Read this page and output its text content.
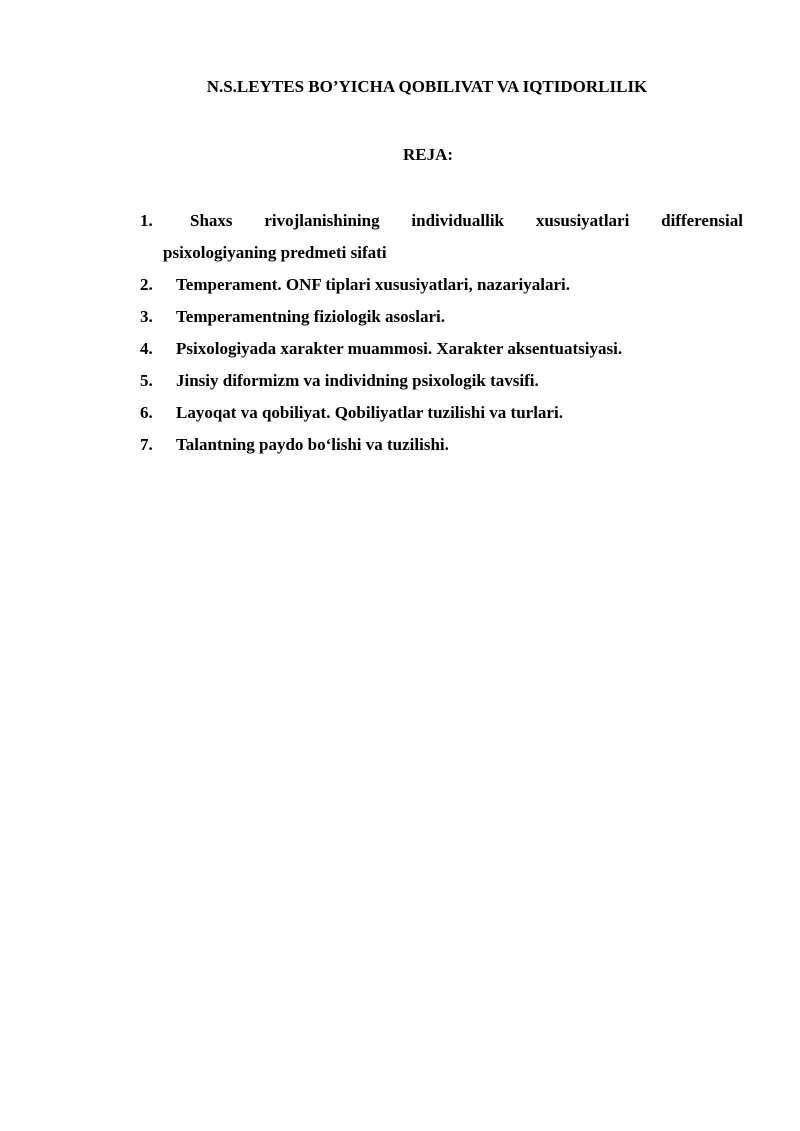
N.S.LEYTES BO’YICHA QOBILIVAT VA IQTIDORLILIK
REJA:
1. Shaxs rivojlanishining individuallik xususiyatlari differensial
psixologiyaning predmeti sifati
2. Temperament. ONF tiplari xususiyatlari, nazariyalari.
3. Temperamentning fiziologik asoslari.
4. Psixologiyada xarakter muammosi. Xarakter aksentuatsiyasi.
5. Jinsiy diformizm va individning psixologik tavsifi.
6. Layoqat va qobiliyat. Qobiliyatlar tuzilishi va turlari.
7. Talantning paydo bo‘lishi va tuzilishi.
